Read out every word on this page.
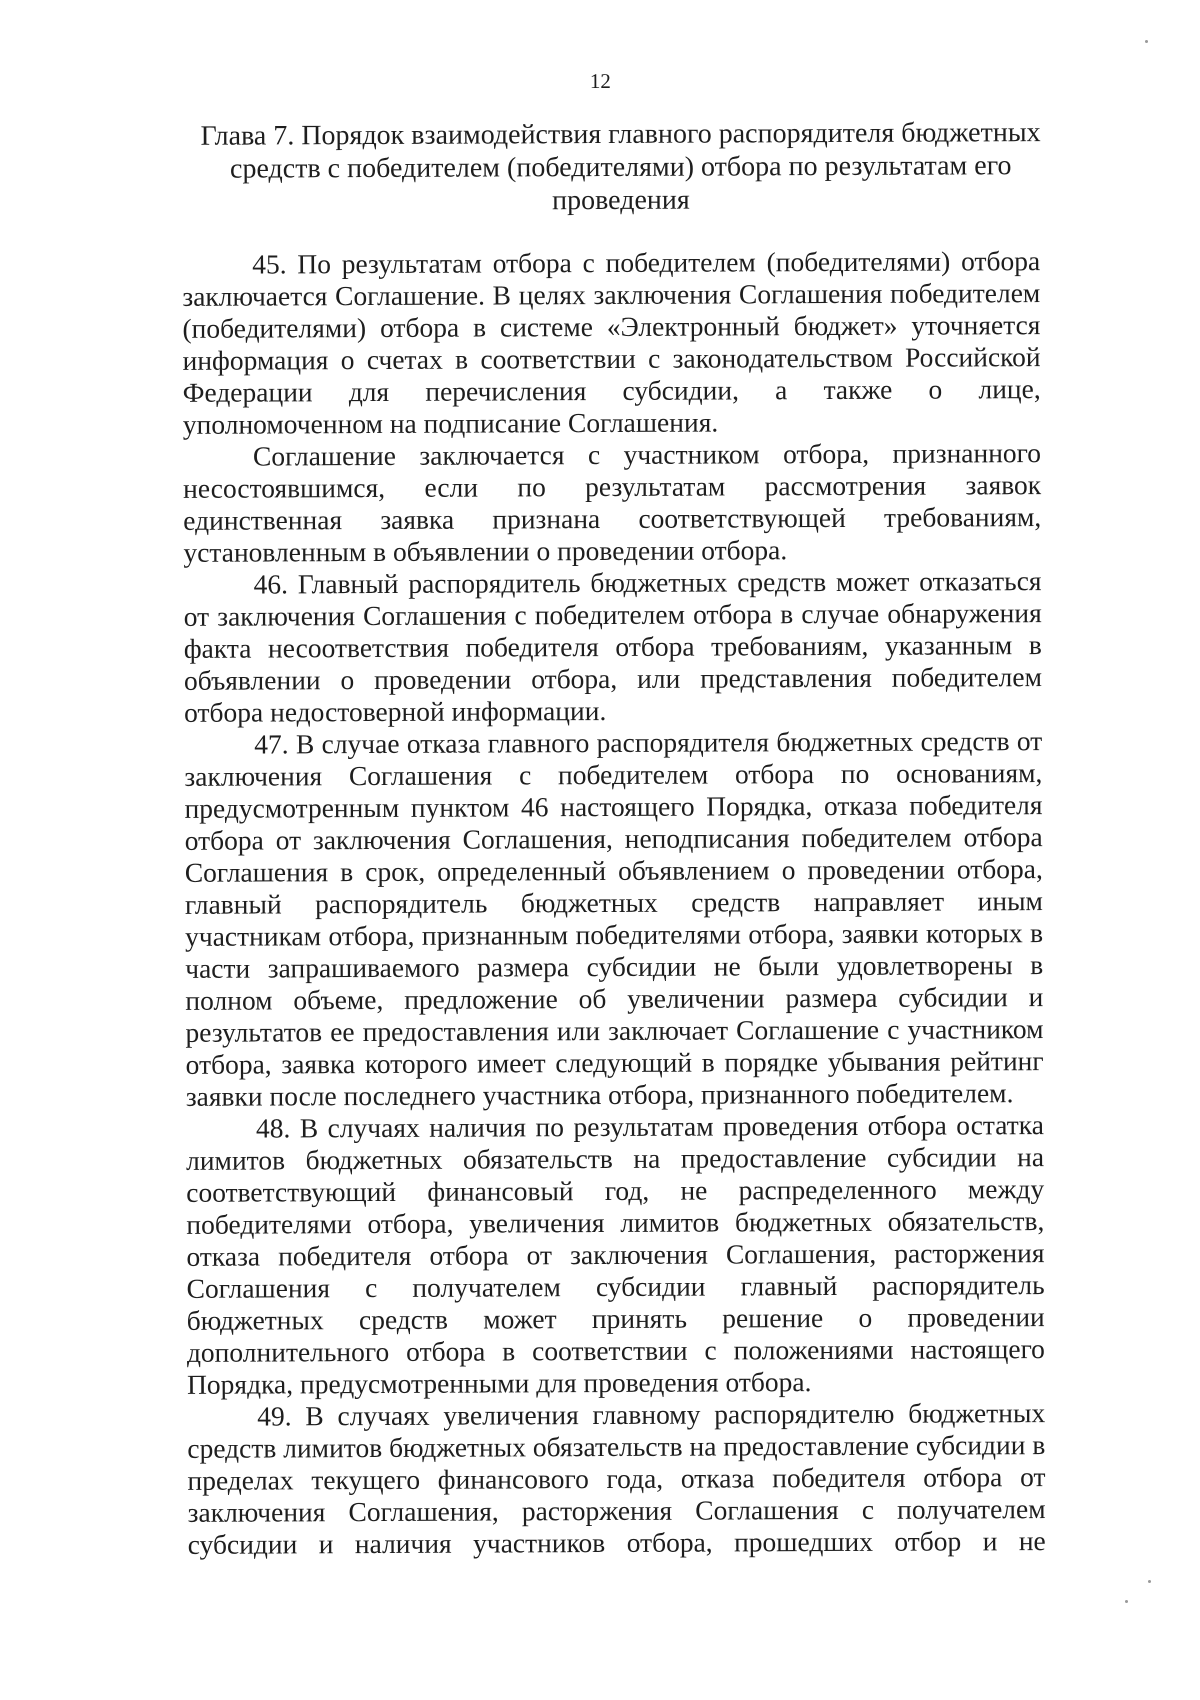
12
Глава 7. Порядок взаимодействия главного распорядителя бюджетных средств с победителем (победителями) отбора по результатам его проведения

45. По результатам отбора с победителем (победителями) отбора заключается Соглашение. В целях заключения Соглашения победителем (победителями) отбора в системе «Электронный бюджет» уточняется информация о счетах в соответствии с законодательством Российской Федерации для перечисления субсидии, а также о лице, уполномоченном на подписание Соглашения.

Соглашение заключается с участником отбора, признанного несостоявшимся, если по результатам рассмотрения заявок единственная заявка признана соответствующей требованиям, установленным в объявлении о проведении отбора.

46. Главный распорядитель бюджетных средств может отказаться от заключения Соглашения с победителем отбора в случае обнаружения факта несоответствия победителя отбора требованиям, указанным в объявлении о проведении отбора, или представления победителем отбора недостоверной информации.

47. В случае отказа главного распорядителя бюджетных средств от заключения Соглашения с победителем отбора по основаниям, предусмотренным пунктом 46 настоящего Порядка, отказа победителя отбора от заключения Соглашения, неподписания победителем отбора Соглашения в срок, определенный объявлением о проведении отбора, главный распорядитель бюджетных средств направляет иным участникам отбора, признанным победителями отбора, заявки которых в части запрашиваемого размера субсидии не были удовлетворены в полном объеме, предложение об увеличении размера субсидии и результатов ее предоставления или заключает Соглашение с участником отбора, заявка которого имеет следующий в порядке убывания рейтинг заявки после последнего участника отбора, признанного победителем.

48. В случаях наличия по результатам проведения отбора остатка лимитов бюджетных обязательств на предоставление субсидии на соответствующий финансовый год, не распределенного между победителями отбора, увеличения лимитов бюджетных обязательств, отказа победителя отбора от заключения Соглашения, расторжения Соглашения с получателем субсидии главный распорядитель бюджетных средств может принять решение о проведении дополнительного отбора в соответствии с положениями настоящего Порядка, предусмотренными для проведения отбора.

49. В случаях увеличения главному распорядителю бюджетных средств лимитов бюджетных обязательств на предоставление субсидии в пределах текущего финансового года, отказа победителя отбора от заключения Соглашения, расторжения Соглашения с получателем субсидии и наличия участников отбора, прошедших отбор и не
